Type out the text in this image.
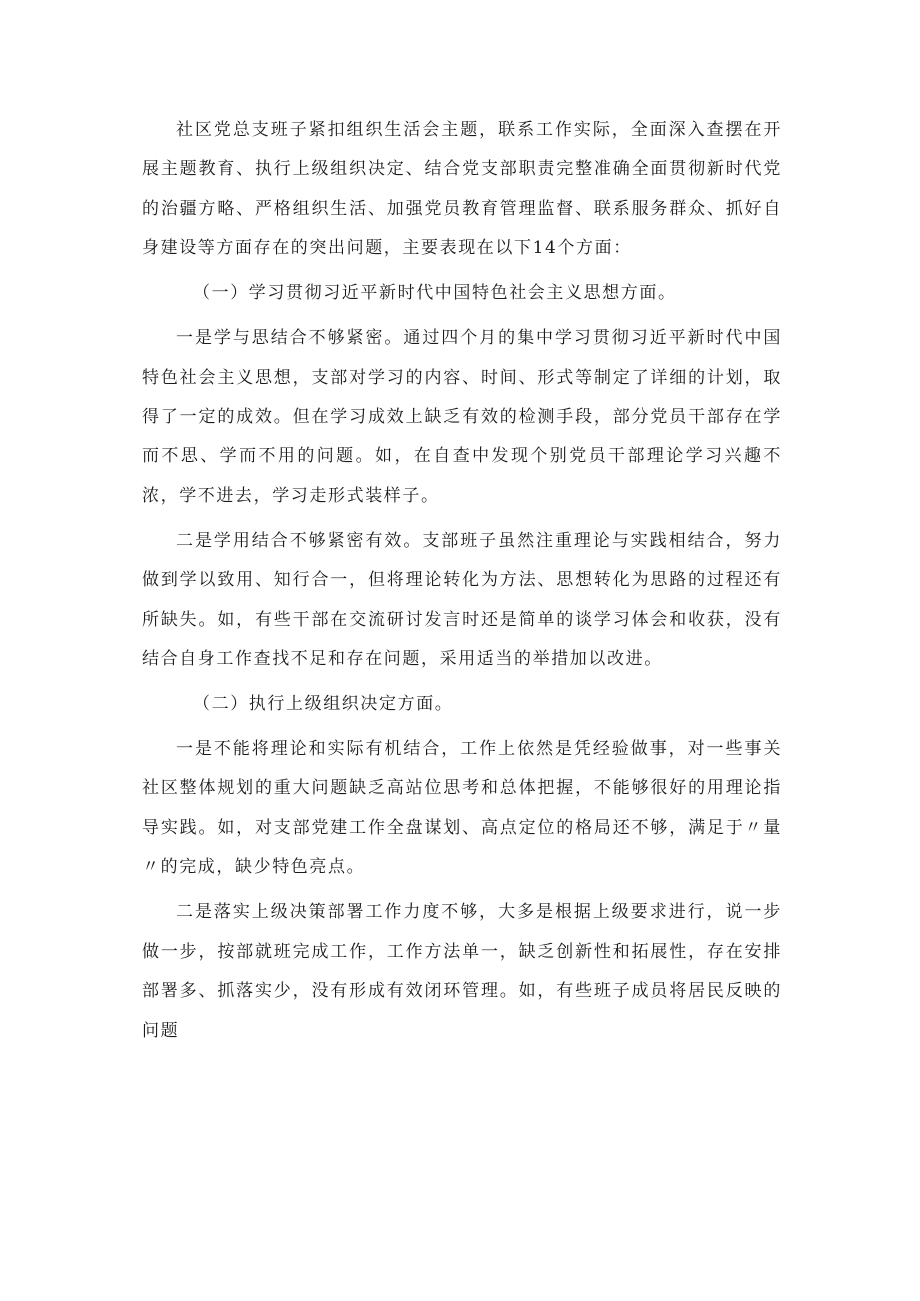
社区党总支班子紧扣组织生活会主题，联系工作实际，全面深入查摆在开展主题教育、执行上级组织决定、结合党支部职责完整准确全面贯彻新时代党的治疆方略、严格组织生活、加强党员教育管理监督、联系服务群众、抓好自身建设等方面存在的突出问题，主要表现在以下14个方面：

（一）学习贯彻习近平新时代中国特色社会主义思想方面。

一是学与思结合不够紧密。通过四个月的集中学习贯彻习近平新时代中国特色社会主义思想，支部对学习的内容、时间、形式等制定了详细的计划，取得了一定的成效。但在学习成效上缺乏有效的检测手段，部分党员干部存在学而不思、学而不用的问题。如，在自查中发现个别党员干部理论学习兴趣不浓，学不进去，学习走形式装样子。

二是学用结合不够紧密有效。支部班子虽然注重理论与实践相结合，努力做到学以致用、知行合一，但将理论转化为方法、思想转化为思路的过程还有所缺失。如，有些干部在交流研讨发言时还是简单的谈学习体会和收获，没有结合自身工作查找不足和存在问题，采用适当的举措加以改进。

（二）执行上级组织决定方面。

一是不能将理论和实际有机结合，工作上依然是凭经验做事，对一些事关社区整体规划的重大问题缺乏高站位思考和总体把握，不能够很好的用理论指导实践。如，对支部党建工作全盘谋划、高点定位的格局还不够，满足于〃量〃的完成，缺少特色亮点。

二是落实上级决策部署工作力度不够，大多是根据上级要求进行，说一步做一步，按部就班完成工作，工作方法单一，缺乏创新性和拓展性，存在安排部署多、抓落实少，没有形成有效闭环管理。如，有些班子成员将居民反映的问题
